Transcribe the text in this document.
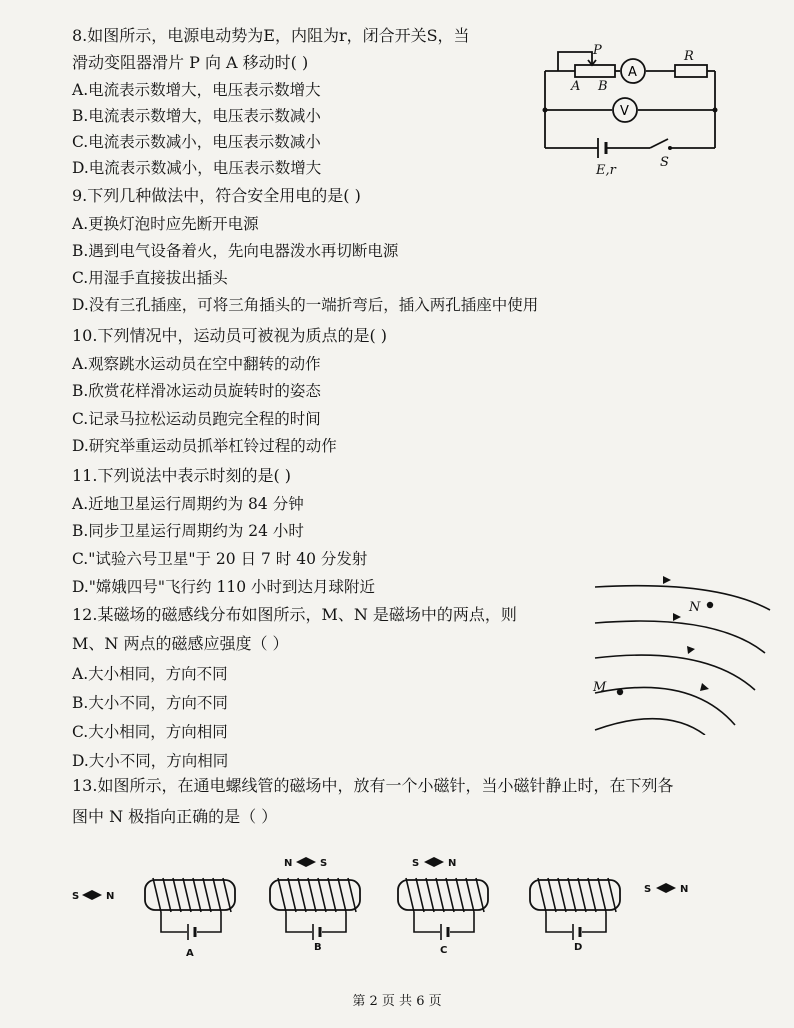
8.如图所示，电源电动势为E，内阻为r，闭合开关S，当
滑动变阻器滑片 P 向 A 移动时( )
A.电流表示数增大，电压表示数增大
B.电流表示数增大，电压表示数减小
C.电流表示数减小，电压表示数减小
D.电流表示数减小，电压表示数增大
P
A B
A
R
V
E,r
S
9.下列几种做法中，符合安全用电的是( )
A.更换灯泡时应先断开电源
B.遇到电气设备着火，先向电器泼水再切断电源
C.用湿手直接拔出插头
D.没有三孔插座，可将三角插头的一端折弯后，插入两孔插座中使用
10.下列情况中，运动员可被视为质点的是( )
A.观察跳水运动员在空中翻转的动作
B.欣赏花样滑冰运动员旋转时的姿态
C.记录马拉松运动员跑完全程的时间
D.研究举重运动员抓举杠铃过程的动作
11.下列说法中表示时刻的是( )
A.近地卫星运行周期约为 84 分钟
B.同步卫星运行周期约为 24 小时
C."试验六号卫星"于 20 日 7 时 40 分发射
D."嫦娥四号"飞行约 110 小时到达月球附近
12.某磁场的磁感线分布如图所示，M、N 是磁场中的两点，则
M、N 两点的磁感应强度（ ）
A.大小相同，方向不同
B.大小不同，方向不同
C.大小相同，方向相同
D.大小不同，方向相同
N
M
13.如图所示，在通电螺线管的磁场中，放有一个小磁针，当小磁针静止时，在下列各
图中 N 极指向正确的是（ ）
S	N
A
N	S
B
S	N
C
S	N
D
第 2 页 共 6 页
